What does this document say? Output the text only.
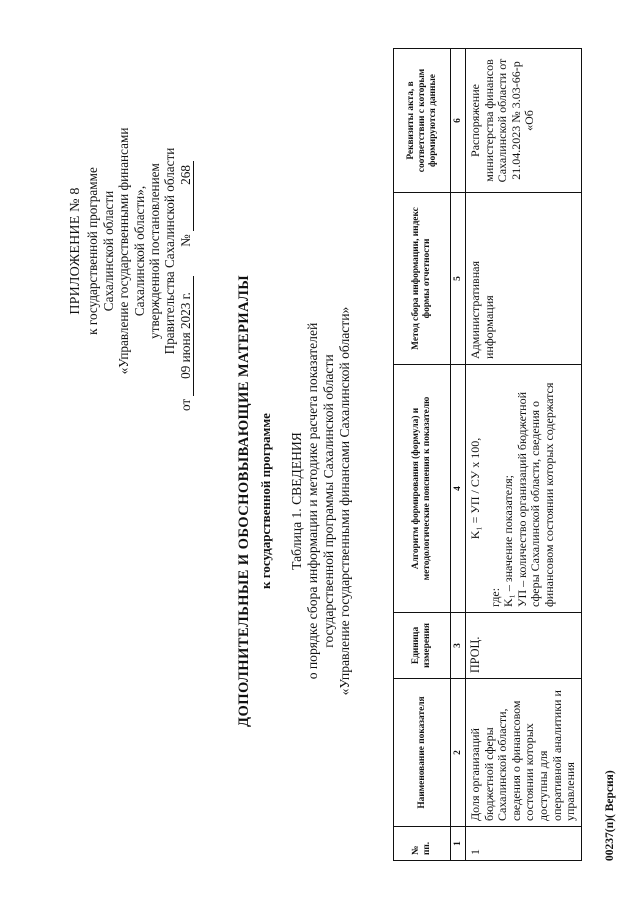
ПРИЛОЖЕНИЕ № 8 к государственной программе Сахалинской области «Управление государственными финансами Сахалинской области», утвержденной постановлением Правительства Сахалинской области
от 09 июня 2023 г.  № 268
ДОПОЛНИТЕЛЬНЫЕ И ОБОСНОВЫВАЮЩИЕ МАТЕРИАЛЫ к государственной программе Таблица 1. СВЕДЕНИЯ о порядке сбора информации и методике расчета показателей государственной программы Сахалинской области «Управление государственными финансами Сахалинской области»
№ пп.	Наименование показателя	Единица измерения	Алгоритм формирования (формула) и методологические пояснения к показателю	Метод сбора информации, индекс формы отчетности	Реквизиты акта, в соответствии с которым формируются данные
1	2	3	4	5	6
1	Доля организаций бюджетной сферы Сахалинской области, сведения о финансовом состоянии которых доступны для оперативной аналитики и управления	ПРОЦ.	K₁ = УП / СУ х 100,
где: K₁ – значение показателя; УП – количество организаций бюджетной сферы Сахалинской области, сведения о финансовом состоянии которых содержатся	Административная информация	Распоряжение министерства финансов Сахалинской области от 21.04.2023 № 3.03-66-р «Об
00237(п)( Версия)
